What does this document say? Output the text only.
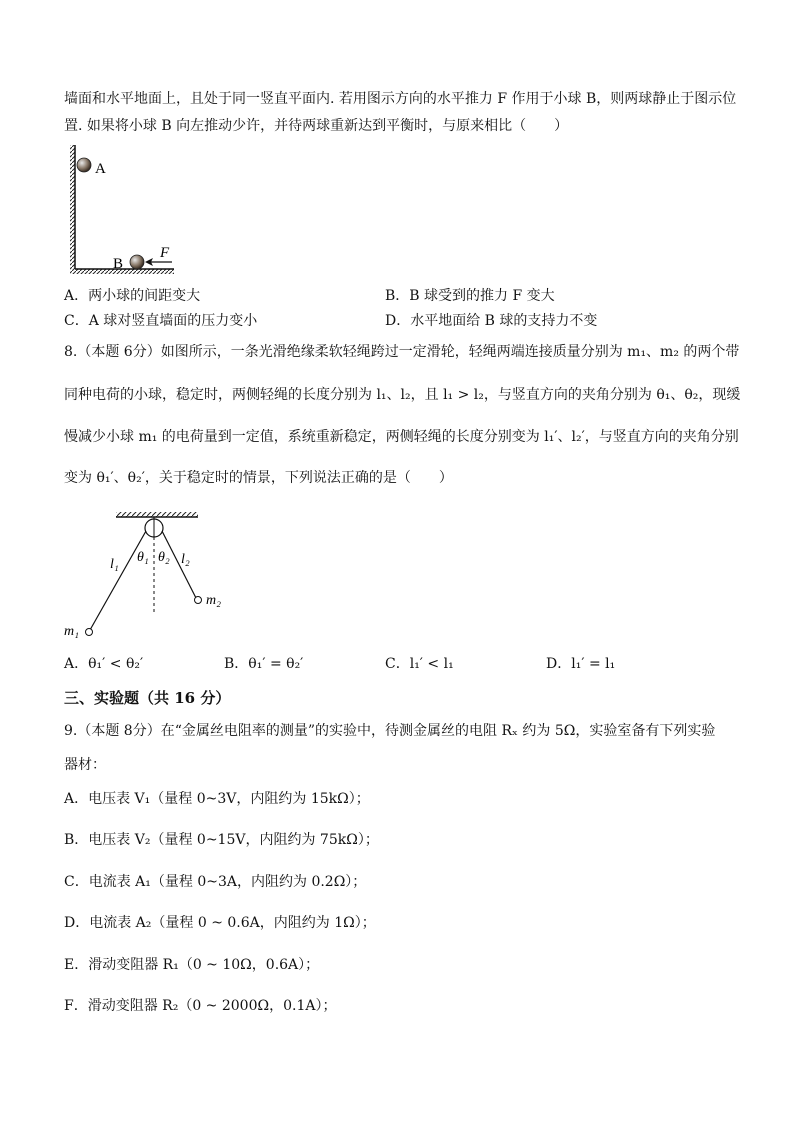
墙面和水平地面上，且处于同一竖直平面内. 若用图示方向的水平推力 F 作用于小球 B，则两球静止于图示位
置. 如果将小球 B 向左推动少许，并待两球重新达到平衡时，与原来相比（　　）
A
B
F
A．两小球的间距变大	B．B 球受到的推力 F 变大
C．A 球对竖直墙面的压力变小	D．水平地面给 B 球的支持力不变
8.（本题 6分）如图所示，一条光滑绝缘柔软轻绳跨过一定滑轮，轻绳两端连接质量分别为 m₁、m₂ 的两个带
同种电荷的小球，稳定时，两侧轻绳的长度分别为 l₁、l₂，且 l₁ > l₂，与竖直方向的夹角分别为 θ₁、θ₂，现缓
慢减少小球 m₁ 的电荷量到一定值，系统重新稳定，两侧轻绳的长度分别变为 l₁′、l₂′，与竖直方向的夹角分别
变为 θ₁′、θ₂′，关于稳定时的情景，下列说法正确的是（　　）
l₁	l₂
θ₁ θ₂
m₁
m₂
A．θ₁′ < θ₂′	B．θ₁′ = θ₂′	C．l₁′ < l₁	D．l₁′ = l₁
三、实验题（共 16 分）
9.（本题 8分）在“金属丝电阻率的测量”的实验中，待测金属丝的电阻 Rₓ 约为 5Ω，实验室备有下列实验
器材：
A．电压表 V₁（量程 0~3V，内阻约为 15kΩ）；
B．电压表 V₂（量程 0~15V，内阻约为 75kΩ）；
C．电流表 A₁（量程 0~3A，内阻约为 0.2Ω）；
D．电流表 A₂（量程 0 ~ 0.6A，内阻约为 1Ω）；
E．滑动变阻器 R₁（0 ~ 10Ω，0.6A）；
F．滑动变阻器 R₂（0 ~ 2000Ω，0.1A）；
